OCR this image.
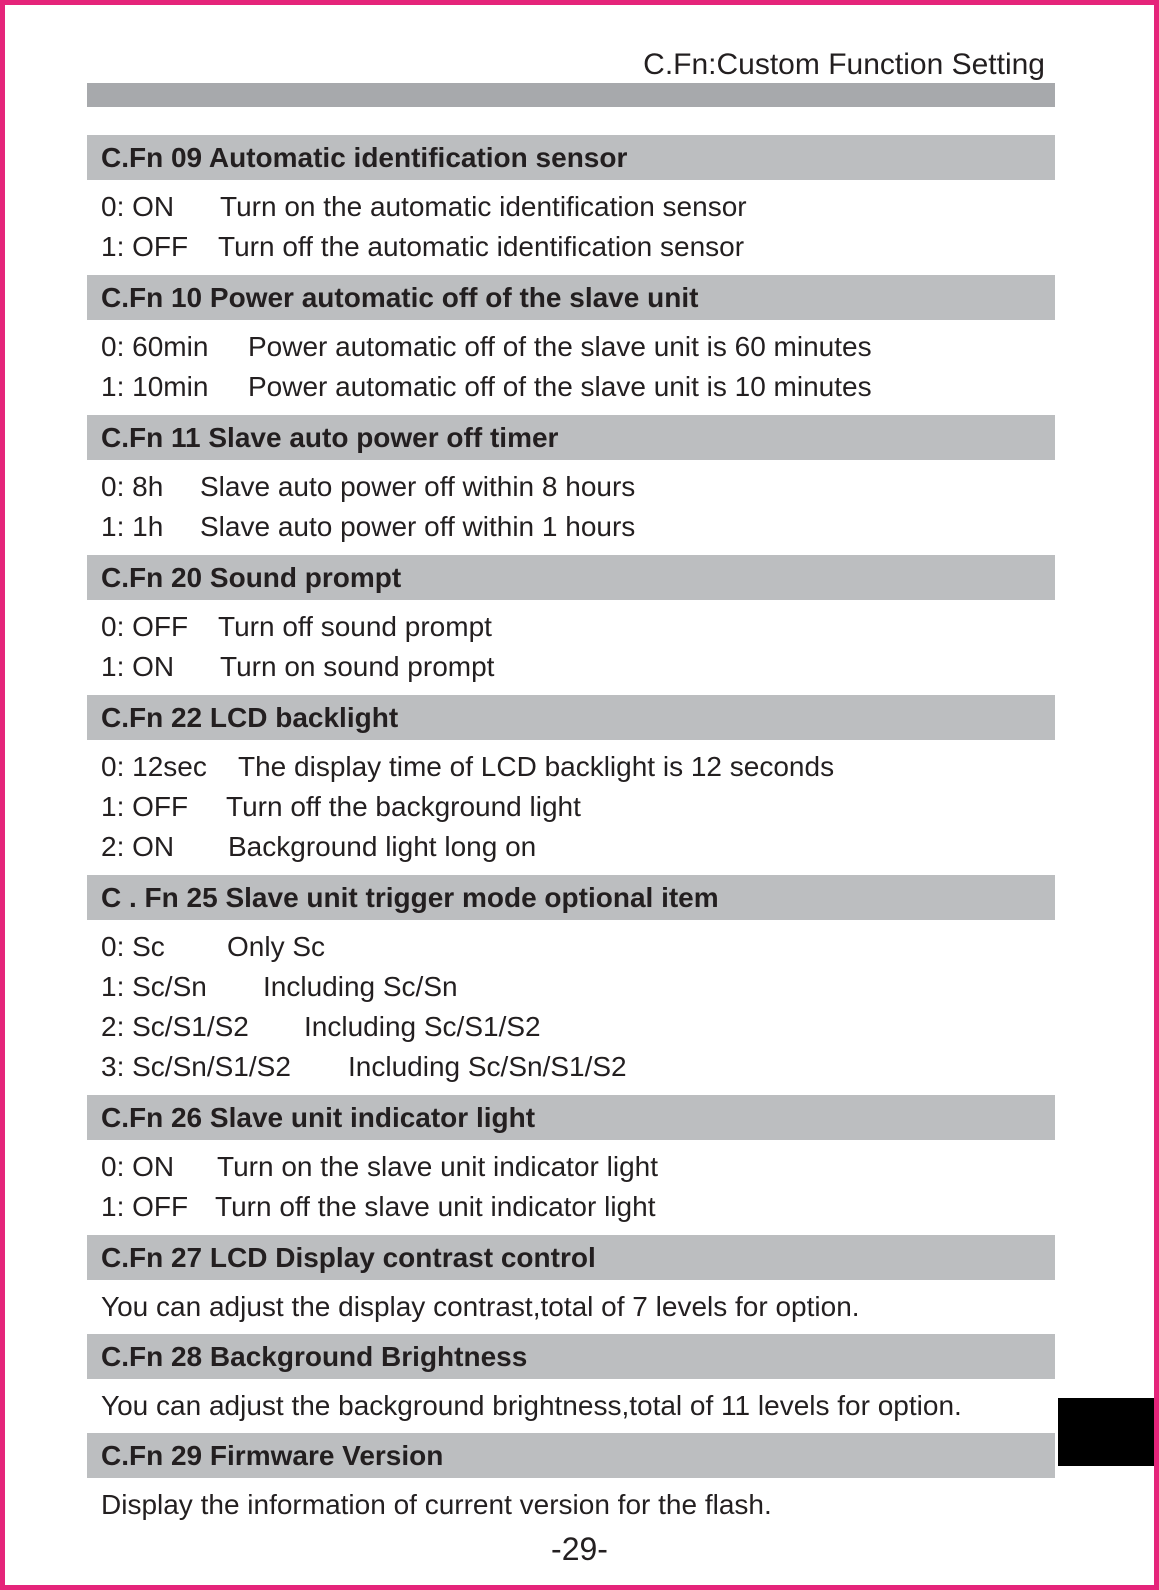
C.Fn:Custom Function Setting
C.Fn 09 Automatic identification sensor
0: ON Turn on the automatic identification sensor
1: OFF Turn off the automatic identification sensor
C.Fn 10 Power automatic off of the slave unit
0: 60min Power automatic off of the slave unit is 60 minutes
1: 10min Power automatic off of the slave unit is 10 minutes
C.Fn 11 Slave auto power off timer
0: 8h Slave auto power off within 8 hours
1: 1h Slave auto power off within 1 hours
C.Fn 20 Sound prompt
0: OFF Turn off sound prompt
1: ON Turn on sound prompt
C.Fn 22 LCD backlight
0: 12sec The display time of LCD backlight is 12 seconds
1: OFF Turn off the background light
2: ON Background light long on
C . Fn 25 Slave unit trigger mode optional item
0: Sc Only Sc
1: Sc/Sn Including Sc/Sn
2: Sc/S1/S2 Including Sc/S1/S2
3: Sc/Sn/S1/S2 Including Sc/Sn/S1/S2
C.Fn 26 Slave unit indicator light
0: ON Turn on the slave unit indicator light
1: OFF Turn off the slave unit indicator light
C.Fn 27 LCD Display contrast control
You can adjust the display contrast,total of 7 levels for option.
C.Fn 28 Background Brightness
You can adjust the background brightness,total of 11 levels for option.
C.Fn 29 Firmware Version
Display the information of current version for the flash.
-29-
